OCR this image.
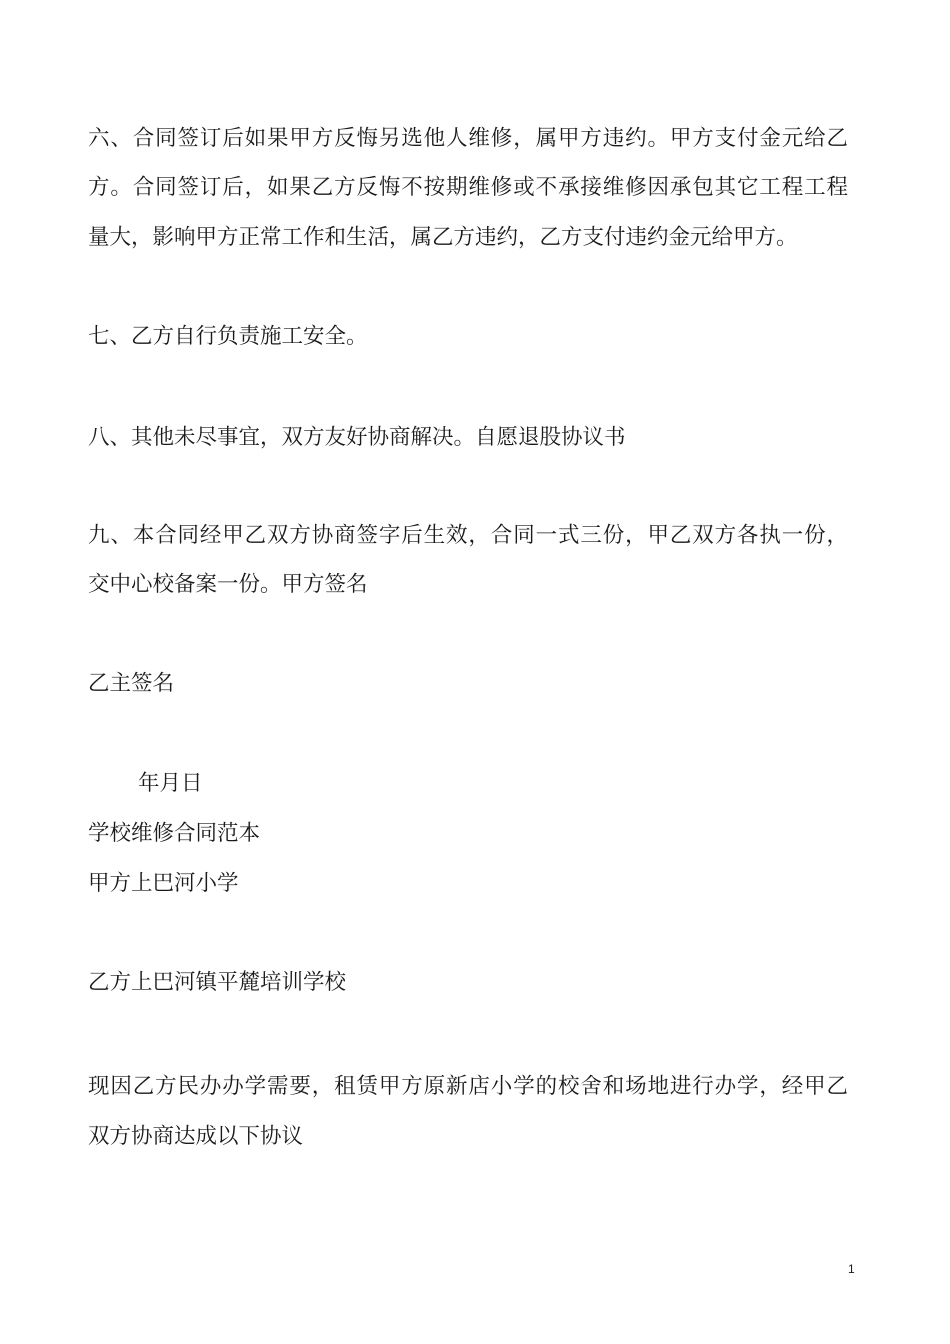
六、合同签订后如果甲方反悔另选他人维修，属甲方违约。甲方支付金元给乙
方。合同签订后，如果乙方反悔不按期维修或不承接维修因承包其它工程工程
量大，影响甲方正常工作和生活，属乙方违约，乙方支付违约金元给甲方。
七、乙方自行负责施工安全。
八、其他未尽事宜，双方友好协商解决。自愿退股协议书
九、本合同经甲乙双方协商签字后生效，合同一式三份，甲乙双方各执一份，
交中心校备案一份。甲方签名
乙主签名
年月日
学校维修合同范本
甲方上巴河小学
乙方上巴河镇平麓培训学校
现因乙方民办办学需要，租赁甲方原新店小学的校舍和场地进行办学，经甲乙
双方协商达成以下协议
1
